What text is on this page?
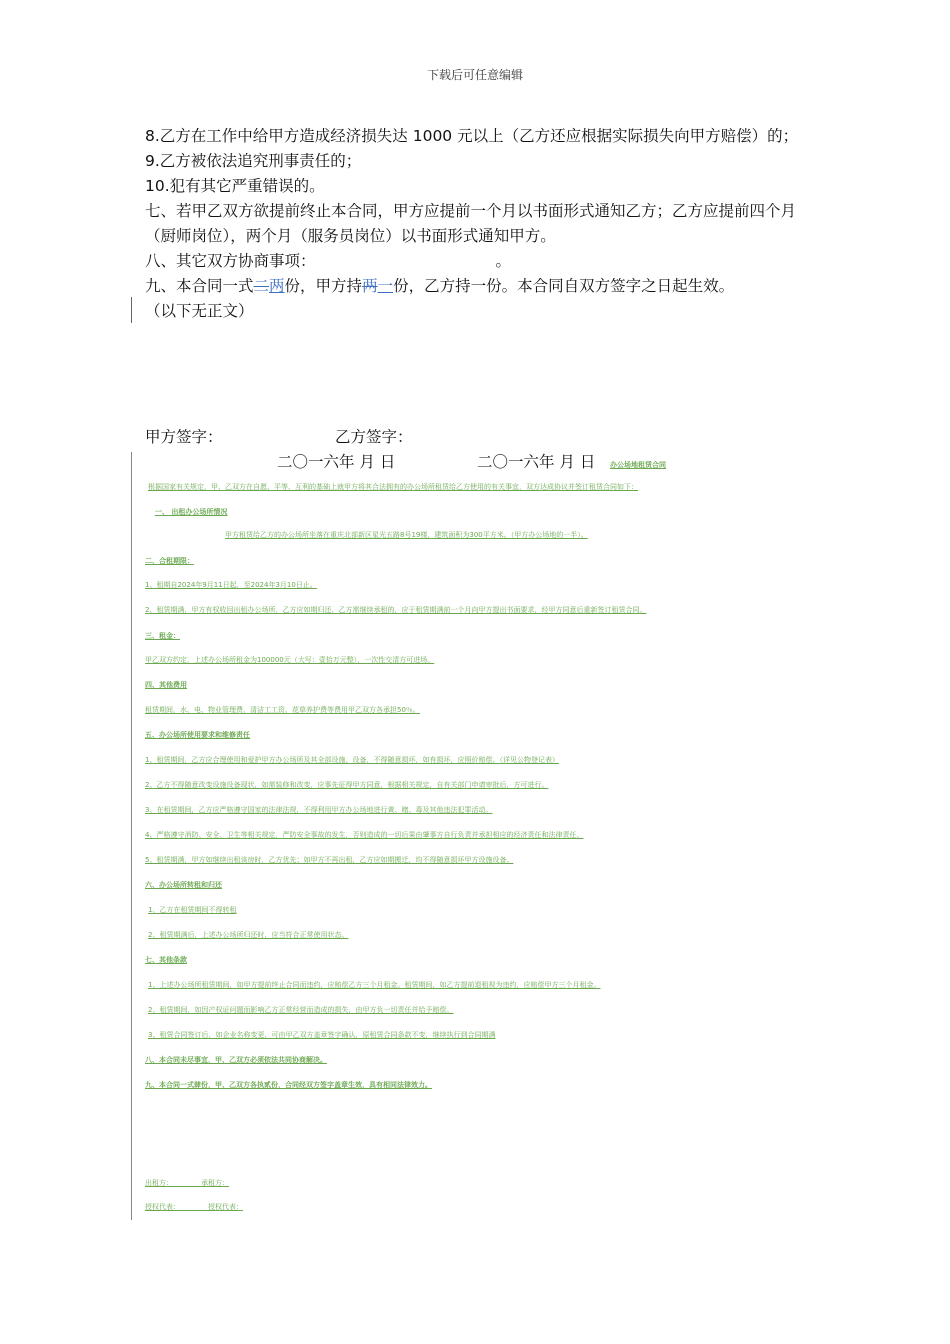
下载后可任意编辑

8.乙方在工作中给甲方造成经济损失达 1000 元以上（乙方还应根据实际损失向甲方赔偿）的；

9.乙方被依法追究刑事责任的；

10.犯有其它严重错误的。

七、若甲乙双方欲提前终止本合同，甲方应提前一个月以书面形式通知乙方；乙方应提前四个月（厨师岗位），两个月（服务员岗位）以书面形式通知甲方。

八、其它双方协商事项：	。

九、本合同一式二两份，甲方持两一份，乙方持一份。本合同自双方签字之日起生效。

（以下无正文）

甲方签字：	乙方签字：
二〇一六年 月 日	二〇一六年 月 日 办公场地租赁合同
根据国家有关规定，甲、乙双方在自愿、平等、互利的基础上就甲方将其合法拥有的办公场所租赁给乙方使用的有关事宜，双方达成协议并签订租赁合同如下：
一、 出租办公场所情况
甲方租赁给乙方的办公场所坐落在重庆北部新区星光五路8号19楼，建筑面积为300平方米。（甲方办公场地的一半）。
二、合租期限：
1、租期自2024年9月11日起，至2024年3月10日止。
2、租赁期满，甲方有权收回出租办公场所，乙方应如期归还，乙方需继续承租的，应于租赁期满前一个月向甲方提出书面要求，经甲方同意后重新签订租赁合同。
三、租金：
甲乙双方约定，上述办公场所租金为100000元（大写：壹拾万元整），一次性交清方可进场。
四、其他费用
租赁期间，水、电、物业管理费、清洁工工资、花草养护费等费用甲乙双方各承担50％。
五、办公场所使用要求和维修责任
1、租赁期间，乙方应合理使用和爱护甲方办公场所及其全部设施、设备，不得随意损坏，如有损坏，应照价赔偿。（详见公物登记表）
2、乙方不得随意改变设施设备现状，如需装修和改变，应事先征得甲方同意，根据相关规定，自有关部门申请审批后，方可进行。
3、在租赁期间，乙方应严格遵守国家的法律法规，不得利用甲方办公场地进行黄、赌、毒及其他违法犯罪活动。
4、严格遵守消防、安全、卫生等相关规定，严防安全事故的发生，否则造成的一切后果由肇事方自行负责并承担相应的经济责任和法律责任。
5、租赁期满，甲方如继续出租该房时，乙方优先；如甲方不再出租，乙方应如期搬迁，均不得随意损坏甲方设施设备。
六、办公场所转租和归还
1、乙方在租赁期间不得转租
2、租赁期满后，上述办公场所归还时，应当符合正常使用状态。
七、其他条款
1、上述办公场所租赁期间，如甲方提前终止合同而违约，应赔偿乙方三个月租金。租赁期间，如乙方提前退租视为违约，应赔偿甲方三个月租金。
2、租赁期间，如因产权证问题而影响乙方正常经营而造成的损失，由甲方负一切责任并给予赔偿。
3、租赁合同签订后，如企业名称变更，可由甲乙双方盖章签字确认，原租赁合同条款不变，继续执行到合同期满
八、本合同未尽事宜，甲、乙双方必须依法共同协商解决。
九、本合同一式肆份，甲、乙双方各执贰份，合同经双方签字盖章生效，具有相同法律效力。
出租方：________承租方：
授权代表：________授权代表：
